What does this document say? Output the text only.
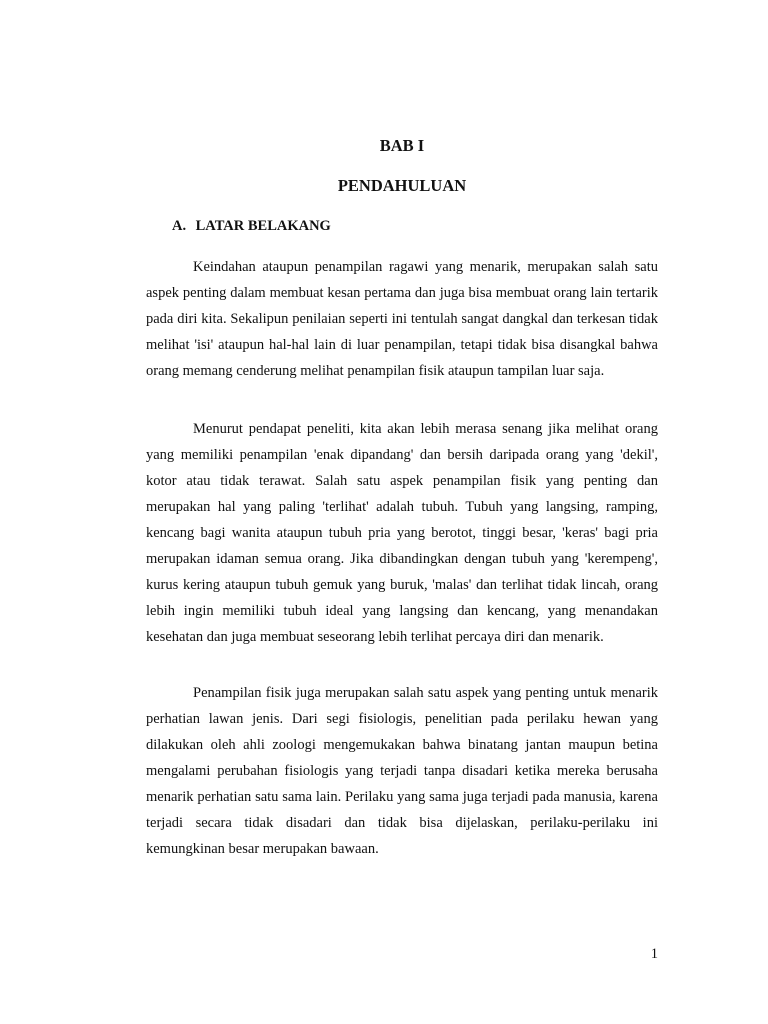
BAB I
PENDAHULUAN
A. LATAR BELAKANG

Keindahan ataupun penampilan ragawi yang menarik, merupakan salah satu aspek penting dalam membuat kesan pertama dan juga bisa membuat orang lain tertarik pada diri kita. Sekalipun penilaian seperti ini tentulah sangat dangkal dan terkesan tidak melihat 'isi' ataupun hal-hal lain di luar penampilan, tetapi tidak bisa disangkal bahwa orang memang cenderung melihat penampilan fisik ataupun tampilan luar saja.

Menurut pendapat peneliti, kita akan lebih merasa senang jika melihat orang yang memiliki penampilan 'enak dipandang' dan bersih daripada orang yang 'dekil', kotor atau tidak terawat. Salah satu aspek penampilan fisik yang penting dan merupakan hal yang paling 'terlihat' adalah tubuh. Tubuh yang langsing, ramping, kencang bagi wanita ataupun tubuh pria yang berotot, tinggi besar, 'keras' bagi pria merupakan idaman semua orang. Jika dibandingkan dengan tubuh yang 'kerempeng', kurus kering ataupun tubuh gemuk yang buruk, 'malas' dan terlihat tidak lincah, orang lebih ingin memiliki tubuh ideal yang langsing dan kencang, yang menandakan kesehatan dan juga membuat seseorang lebih terlihat percaya diri dan menarik.

Penampilan fisik juga merupakan salah satu aspek yang penting untuk menarik perhatian lawan jenis. Dari segi fisiologis, penelitian pada perilaku hewan yang dilakukan oleh ahli zoologi mengemukakan bahwa binatang jantan maupun betina mengalami perubahan fisiologis yang terjadi tanpa disadari ketika mereka berusaha menarik perhatian satu sama lain. Perilaku yang sama juga terjadi pada manusia, karena terjadi secara tidak disadari dan tidak bisa dijelaskan, perilaku-perilaku ini kemungkinan besar merupakan bawaan.

1
